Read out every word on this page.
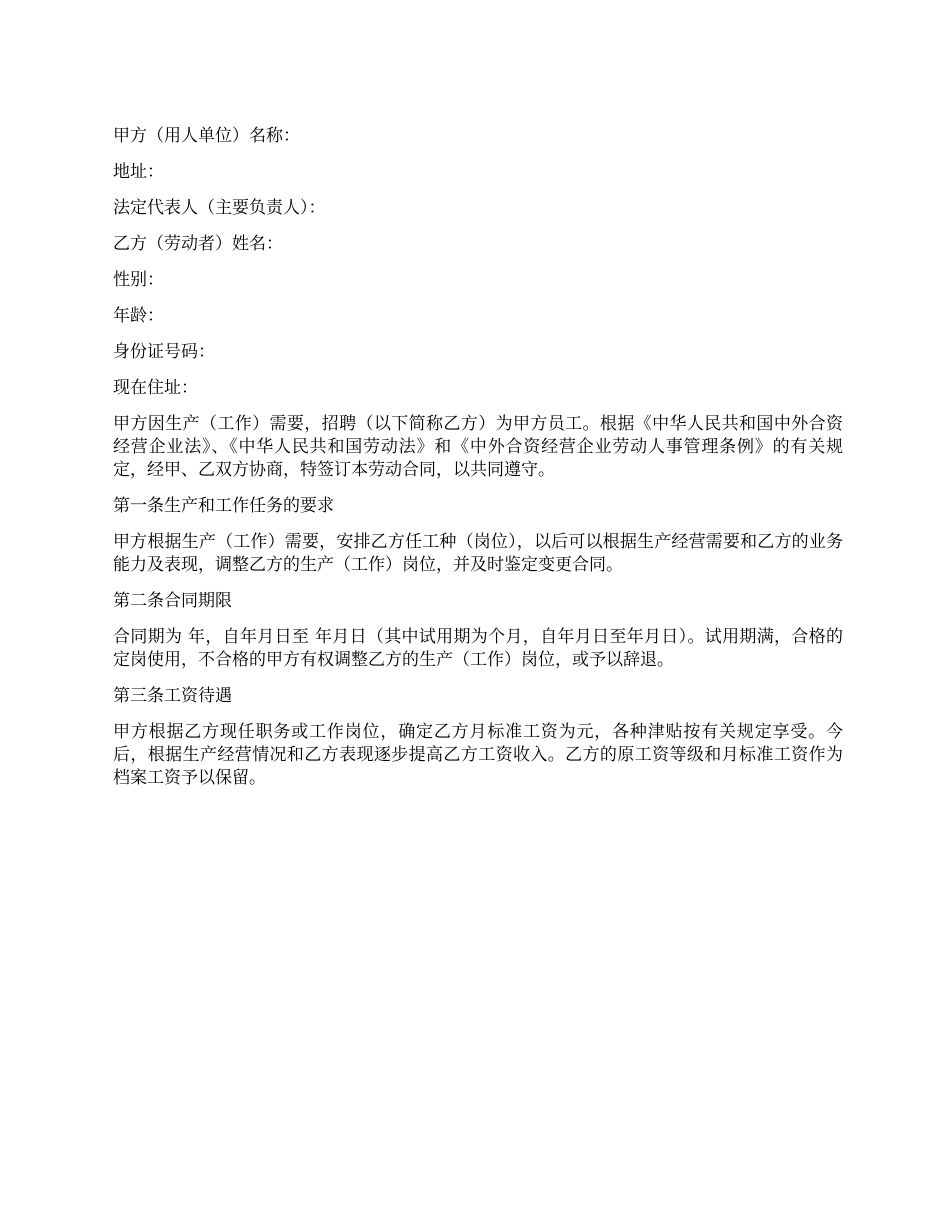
甲方（用人单位）名称：

地址：

法定代表人（主要负责人）：

乙方（劳动者）姓名：

性别：

年龄：

身份证号码：

现在住址：

甲方因生产（工作）需要，招聘（以下简称乙方）为甲方员工。根据《中华人民共和国中外合资经营企业法》、《中华人民共和国劳动法》和《中外合资经营企业劳动人事管理条例》的有关规定，经甲、乙双方协商，特签订本劳动合同，以共同遵守。

第一条生产和工作任务的要求

甲方根据生产（工作）需要，安排乙方任工种（岗位），以后可以根据生产经营需要和乙方的业务能力及表现，调整乙方的生产（工作）岗位，并及时鉴定变更合同。

第二条合同期限

合同期为 年，自年月日至 年月日（其中试用期为个月，自年月日至年月日）。试用期满，合格的定岗使用，不合格的甲方有权调整乙方的生产（工作）岗位，或予以辞退。

第三条工资待遇

甲方根据乙方现任职务或工作岗位，确定乙方月标准工资为元，各种津贴按有关规定享受。今后，根据生产经营情况和乙方表现逐步提高乙方工资收入。乙方的原工资等级和月标准工资作为档案工资予以保留。
